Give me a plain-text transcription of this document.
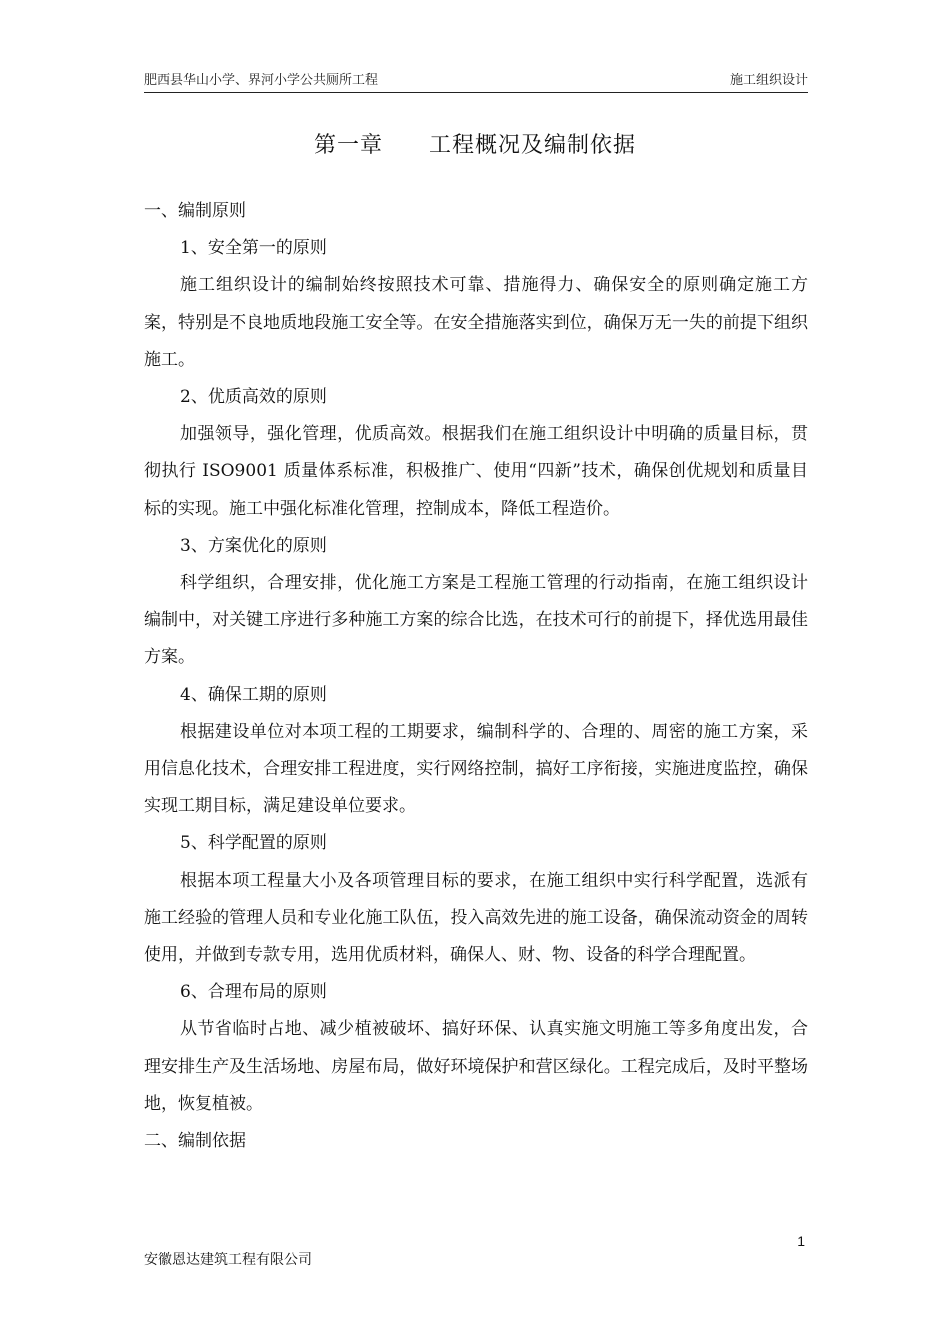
肥西县华山小学、界河小学公共厕所工程	施工组织设计
第一章　　工程概况及编制依据

一、编制原则

1、安全第一的原则

施工组织设计的编制始终按照技术可靠、措施得力、确保安全的原则确定施工方案，特别是不良地质地段施工安全等。在安全措施落实到位，确保万无一失的前提下组织施工。

2、优质高效的原则

加强领导，强化管理，优质高效。根据我们在施工组织设计中明确的质量目标，贯彻执行 ISO9001 质量体系标准，积极推广、使用“四新”技术，确保创优规划和质量目标的实现。施工中强化标准化管理，控制成本，降低工程造价。

3、方案优化的原则

科学组织，合理安排，优化施工方案是工程施工管理的行动指南，在施工组织设计编制中，对关键工序进行多种施工方案的综合比选，在技术可行的前提下，择优选用最佳方案。

4、确保工期的原则

根据建设单位对本项工程的工期要求，编制科学的、合理的、周密的施工方案，采用信息化技术，合理安排工程进度，实行网络控制，搞好工序衔接，实施进度监控，确保实现工期目标，满足建设单位要求。

5、科学配置的原则

根据本项工程量大小及各项管理目标的要求，在施工组织中实行科学配置，选派有施工经验的管理人员和专业化施工队伍，投入高效先进的施工设备，确保流动资金的周转使用，并做到专款专用，选用优质材料，确保人、财、物、设备的科学合理配置。

6、合理布局的原则

从节省临时占地、减少植被破坏、搞好环保、认真实施文明施工等多角度出发，合理安排生产及生活场地、房屋布局，做好环境保护和营区绿化。工程完成后，及时平整场地，恢复植被。

二、编制依据

1
安徽恩达建筑工程有限公司
